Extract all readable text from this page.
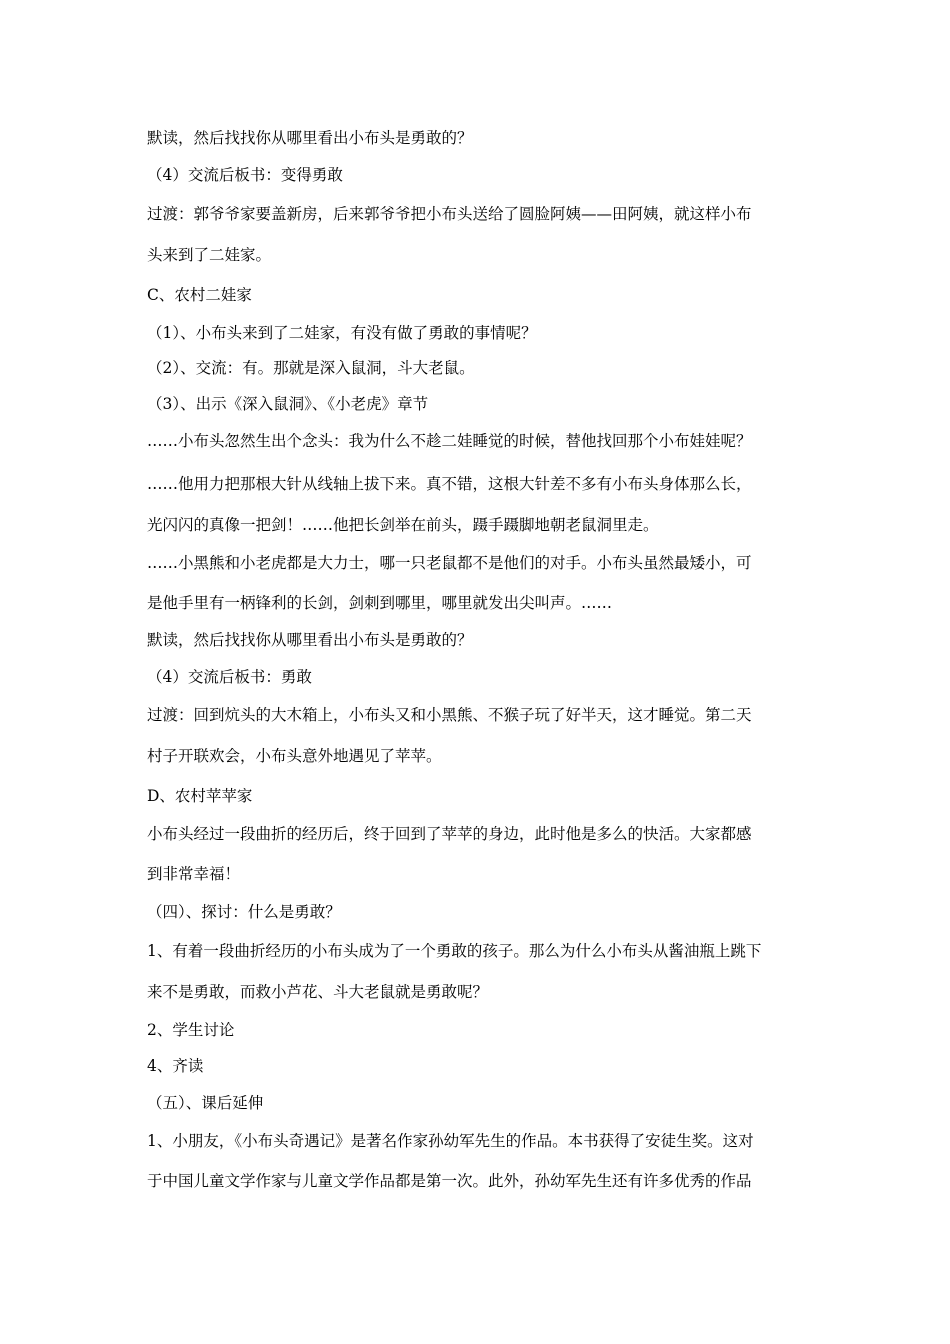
默读，然后找找你从哪里看出小布头是勇敢的？
（4）交流后板书：变得勇敢
过渡：郭爷爷家要盖新房，后来郭爷爷把小布头送给了圆脸阿姨——田阿姨，就这样小布
头来到了二娃家。
C、农村二娃家
（1）、小布头来到了二娃家，有没有做了勇敢的事情呢？
（2）、交流：有。那就是深入鼠洞，斗大老鼠。
（3）、出示《深入鼠洞》、《小老虎》章节
……小布头忽然生出个念头：我为什么不趁二娃睡觉的时候，替他找回那个小布娃娃呢？
……他用力把那根大针从线轴上拔下来。真不错，这根大针差不多有小布头身体那么长，
光闪闪的真像一把剑！……他把长剑举在前头，蹑手蹑脚地朝老鼠洞里走。
……小黑熊和小老虎都是大力士，哪一只老鼠都不是他们的对手。小布头虽然最矮小，可
是他手里有一柄锋利的长剑，剑刺到哪里，哪里就发出尖叫声。……
默读，然后找找你从哪里看出小布头是勇敢的？
（4）交流后板书：勇敢
过渡：回到炕头的大木箱上，小布头又和小黑熊、不猴子玩了好半天，这才睡觉。第二天
村子开联欢会，小布头意外地遇见了苹苹。
D、农村苹苹家
小布头经过一段曲折的经历后，终于回到了苹苹的身边，此时他是多么的快活。大家都感
到非常幸福！
（四）、探讨：什么是勇敢？
1、有着一段曲折经历的小布头成为了一个勇敢的孩子。那么为什么小布头从酱油瓶上跳下
来不是勇敢，而救小芦花、斗大老鼠就是勇敢呢？
2、学生讨论
4、齐读
（五）、课后延伸
1、小朋友，《小布头奇遇记》是著名作家孙幼军先生的作品。本书获得了安徒生奖。这对
于中国儿童文学作家与儿童文学作品都是第一次。此外，孙幼军先生还有许多优秀的作品
